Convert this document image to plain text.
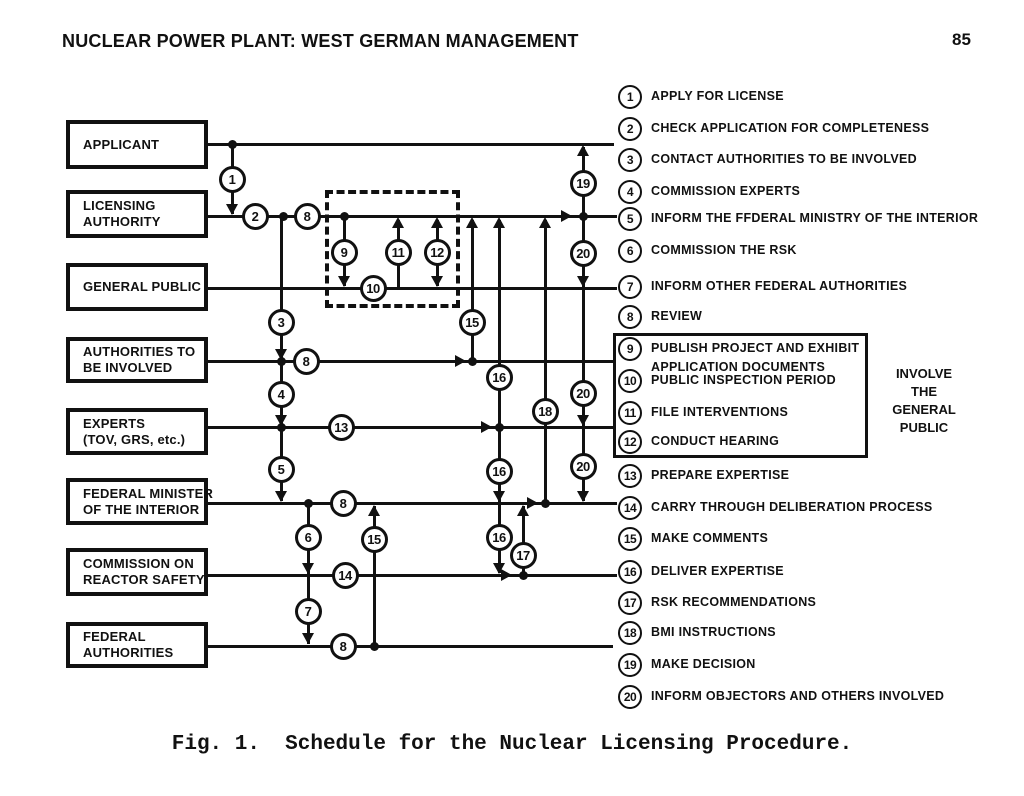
NUCLEAR POWER PLANT: WEST GERMAN MANAGEMENT	85
1
2	8
9	11	12
10
19
20
3	15
8
16
4
18
20
13
5	16	20
8
6	15	16
17
14
7
8
APPLICANT
LICENSING
AUTHORITY
GENERAL PUBLIC
AUTHORITIES TO
BE INVOLVED
EXPERTS
(TOV, GRS, etc.)
FEDERAL MINISTER
OF THE INTERIOR
COMMISSION ON
REACTOR SAFETY
FEDERAL
AUTHORITIES
1	APPLY FOR LICENSE
2	CHECK APPLICATION FOR COMPLETENESS
3	CONTACT AUTHORITIES TO BE INVOLVED
4	COMMISSION EXPERTS
5	INFORM THE FFDERAL MINISTRY OF THE INTERIOR
6	COMMISSION THE RSK
7	INFORM OTHER FEDERAL AUTHORITIES
8	REVIEW
9	PUBLISH PROJECT AND EXHIBIT
APPLICATION DOCUMENTS
10	PUBLIC INSPECTION PERIOD
11	FILE INTERVENTIONS
12	CONDUCT HEARING
13	PREPARE EXPERTISE
14	CARRY THROUGH DELIBERATION PROCESS
15	MAKE COMMENTS
16	DELIVER EXPERTISE
17	RSK RECOMMENDATIONS
18	BMI INSTRUCTIONS
19	MAKE DECISION
20	INFORM OBJECTORS AND OTHERS INVOLVED
INVOLVE
THE
GENERAL
PUBLIC
Fig. 1.  Schedule for the Nuclear Licensing Procedure.
